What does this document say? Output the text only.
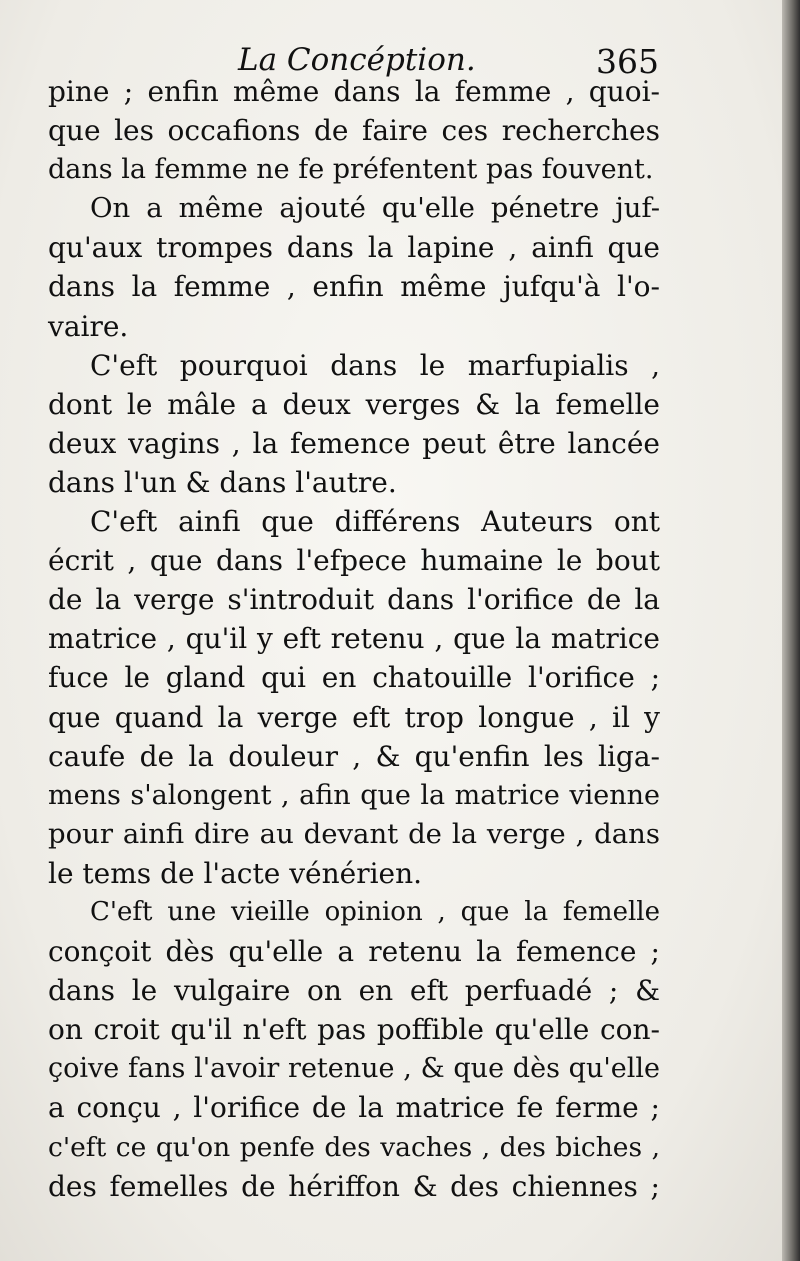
La Concéption.	365
pine ; enfin même dans la femme , quoi-
que les occafions de faire ces recherches
dans la femme ne fe préfentent pas fouvent.
On a même ajouté qu'elle pénetre juf-
qu'aux trompes dans la lapine , ainfi que
dans la femme , enfin même jufqu'à l'o-
vaire.
C'eft pourquoi dans le marfupialis ,
dont le mâle a deux verges & la femelle
deux vagins , la femence peut être lancée
dans l'un & dans l'autre.
C'eft ainfi que différens Auteurs ont
écrit , que dans l'efpece humaine le bout
de la verge s'introduit dans l'orifice de la
matrice , qu'il y eft retenu , que la matrice
fuce le gland qui en chatouille l'orifice ;
que quand la verge eft trop longue , il y
caufe de la douleur , & qu'enfin les liga-
mens s'alongent , afin que la matrice vienne
pour ainfi dire au devant de la verge , dans
le tems de l'acte vénérien.
C'eft une vieille opinion , que la femelle
conçoit dès qu'elle a retenu la femence ;
dans le vulgaire on en eft perfuadé ; &
on croit qu'il n'eft pas poffible qu'elle con-
çoive fans l'avoir retenue , & que dès qu'elle
a conçu , l'orifice de la matrice fe ferme ;
c'eft ce qu'on penfe des vaches , des biches ,
des femelles de hériffon & des chiennes ;
